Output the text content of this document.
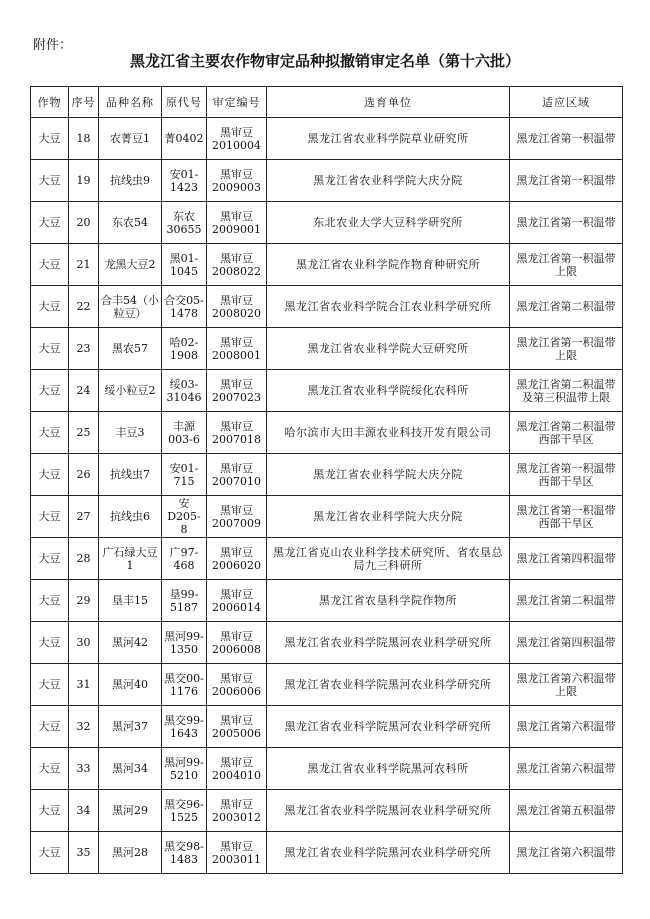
附件：
黑龙江省主要农作物审定品种拟撤销审定名单（第十六批）
作物	序号	品种名称	原代号	审定编号	选育单位	适应区域
大豆	18	农菁豆1	菁0402	黑审豆2010004	黑龙江省农业科学院草业研究所	黑龙江省第一积温带
大豆	19	抗线虫9	安01-1423	黑审豆2009003	黑龙江省农业科学院大庆分院	黑龙江省第一积温带
大豆	20	东农54	东农30655	黑审豆2009001	东北农业大学大豆科学研究所	黑龙江省第一积温带
大豆	21	龙黑大豆2	黑01-1045	黑审豆2008022	黑龙江省农业科学院作物育种研究所	黑龙江省第一积温带上限
大豆	22	合丰54（小粒豆）	合交05-1478	黑审豆2008020	黑龙江省农业科学院合江农业科学研究所	黑龙江省第二积温带
大豆	23	黑农57	哈02-1908	黑审豆2008001	黑龙江省农业科学院大豆研究所	黑龙江省第一积温带上限
大豆	24	绥小粒豆2	绥03-31046	黑审豆2007023	黑龙江省农业科学院绥化农科所	黑龙江省第二积温带及第三积温带上限
大豆	25	丰豆3	丰源003-6	黑审豆2007018	哈尔滨市大田丰源农业科技开发有限公司	黑龙江省第二积温带西部干旱区
大豆	26	抗线虫7	安01-715	黑审豆2007010	黑龙江省农业科学院大庆分院	黑龙江省第一积温带西部干旱区
大豆	27	抗线虫6	安D205-8	黑审豆2007009	黑龙江省农业科学院大庆分院	黑龙江省第一积温带西部干旱区
大豆	28	广石绿大豆1	广97-468	黑审豆2006020	黑龙江省克山农业科学技术研究所、省农垦总局九三科研所	黑龙江省第四积温带
大豆	29	垦丰15	垦99-5187	黑审豆2006014	黑龙江省农垦科学院作物所	黑龙江省第二积温带
大豆	30	黑河42	黑河99-1350	黑审豆2006008	黑龙江省农业科学院黑河农业科学研究所	黑龙江省第四积温带
大豆	31	黑河40	黑交00-1176	黑审豆2006006	黑龙江省农业科学院黑河农业科学研究所	黑龙江省第六积温带上限
大豆	32	黑河37	黑交99-1643	黑审豆2005006	黑龙江省农业科学院黑河农业科学研究所	黑龙江省第六积温带
大豆	33	黑河34	黑河99-5210	黑审豆2004010	黑龙江省农业科学院黑河农科所	黑龙江省第六积温带
大豆	34	黑河29	黑交96-1525	黑审豆2003012	黑龙江省农业科学院黑河农业科学研究所	黑龙江省第五积温带
大豆	35	黑河28	黑交98-1483	黑审豆2003011	黑龙江省农业科学院黑河农业科学研究所	黑龙江省第六积温带
